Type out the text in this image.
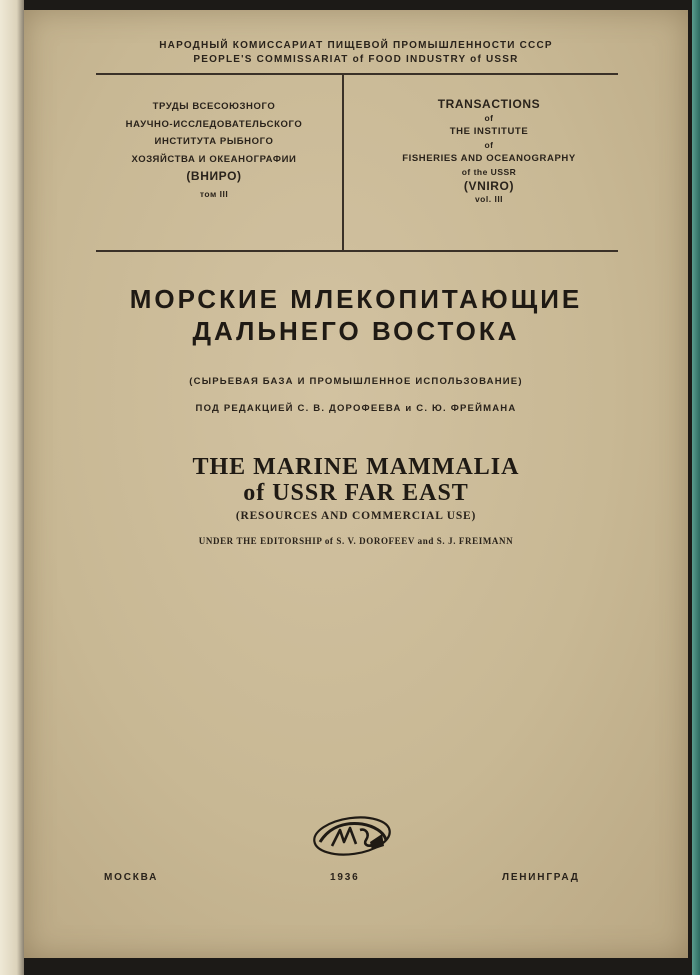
НАРОДНЫЙ КОМИССАРИАТ ПИЩЕВОЙ ПРОМЫШЛЕННОСТИ СССР
PEOPLE'S COMMISSARIAT of FOOD INDUSTRY of USSR
ТРУДЫ ВСЕСОЮЗНОГО
НАУЧНО-ИССЛЕДОВАТЕЛЬСКОГО
ИНСТИТУТА РЫБНОГО
ХОЗЯЙСТВА И ОКЕАНОГРАФИИ
(ВНИРО)
том III
TRANSACTIONS
of
THE INSTITUTE
of
FISHERIES AND OCEANOGRAPHY
of the USSR
(VNIRO)
vol. III
МОРСКИЕ МЛЕКОПИТАЮЩИЕ
ДАЛЬНЕГО ВОСТОКА
(СЫРЬЕВАЯ БАЗА И ПРОМЫШЛЕННОЕ ИСПОЛЬЗОВАНИЕ)
ПОД РЕДАКЦИЕЙ С. В. ДОРОФЕЕВА и С. Ю. ФРЕЙМАНА
THE MARINE MAMMALIA
of USSR FAR EAST
(RESOURCES AND COMMERCIAL USE)
UNDER THE EDITORSHIP of S. V. DOROFEEV and S. J. FREIMANN
МОСКВА	1936	ЛЕНИНГРАД
